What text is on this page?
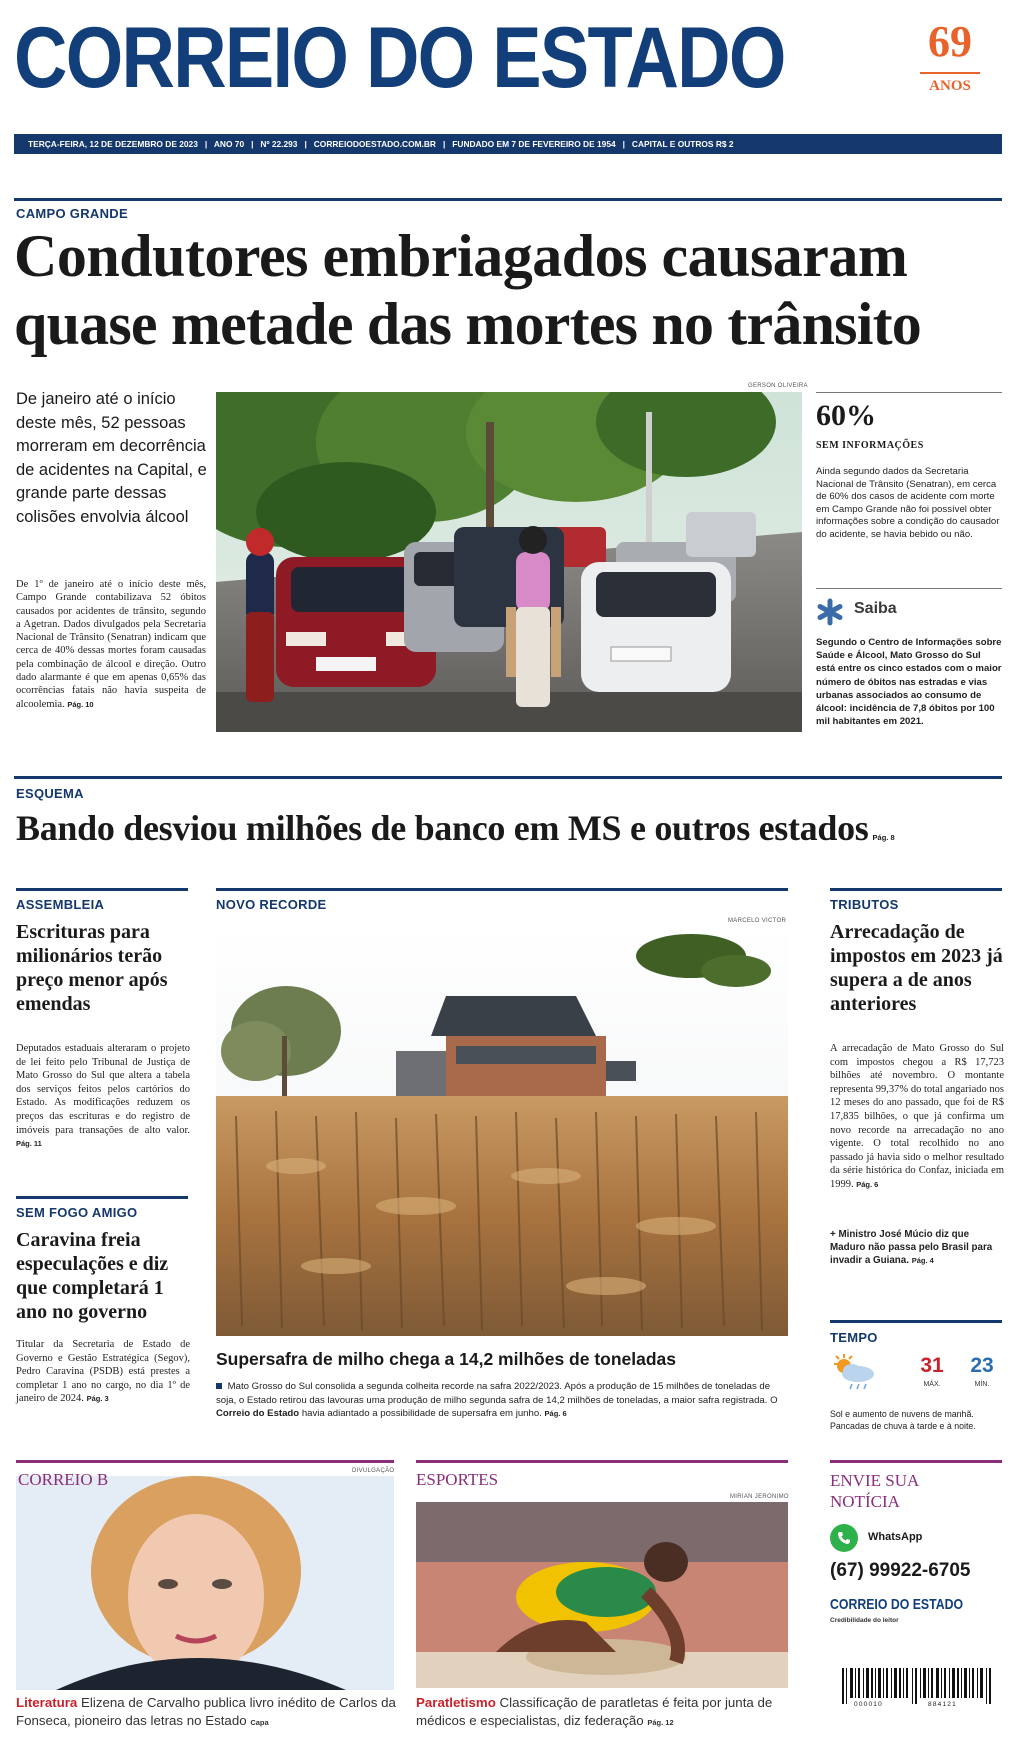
CORREIO DO ESTADO	69
ANOS
TERÇA-FEIRA, 12 DE DEZEMBRO DE 2023   |   ANO 70   |   Nº 22.293   |   CORREIODOESTADO.COM.BR   |   FUNDADO EM 7 DE FEVEREIRO DE 1954   |   CAPITAL E OUTROS R$ 2
CAMPO GRANDE
Condutores embriagados causaram
quase metade das mortes no trânsito
De janeiro até o início deste mês, 52 pessoas morreram em decorrência de acidentes na Capital, e grande parte dessas colisões envolvia álcool
De 1º de janeiro até o início deste mês, Campo Grande contabilizava 52 óbitos causados por acidentes de trânsito, segundo a Agetran. Dados divulgados pela Secretaria Nacional de Trânsito (Senatran) indicam que cerca de 40% dessas mortes foram causadas pela combinação de álcool e direção. Outro dado alarmante é que em apenas 0,65% das ocorrências fatais não havia suspeita de alcoolemia. Pág. 10
GERSON OLIVEIRA
60%
SEM INFORMAÇÕES
Ainda segundo dados da Secretaria Nacional de Trânsito (Senatran), em cerca de 60% dos casos de acidente com morte em Campo Grande não foi possível obter informações sobre a condição do causador do acidente, se havia bebido ou não.
Saiba
Segundo o Centro de Informações sobre Saúde e Álcool, Mato Grosso do Sul está entre os cinco estados com o maior número de óbitos nas estradas e vias urbanas associados ao consumo de álcool: incidência de 7,8 óbitos por 100 mil habitantes em 2021.
ESQUEMA
Bando desviou milhões de banco em MS e outros estados Pág. 8
ASSEMBLEIA
Escrituras para milionários terão preço menor após emendas
Deputados estaduais alteraram o projeto de lei feito pelo Tribunal de Justiça de Mato Grosso do Sul que altera a tabela dos serviços feitos pelos cartórios do Estado. As modificações reduzem os preços das escrituras e do registro de imóveis para transações de alto valor. Pág. 11
SEM FOGO AMIGO
Caravina freia especulações e diz que completará 1 ano no governo
Titular da Secretaria de Estado de Governo e Gestão Estratégica (Segov), Pedro Caravina (PSDB) está prestes a completar 1 ano no cargo, no dia 1º de janeiro de 2024. Pág. 3
NOVO RECORDE
MARCELO VICTOR
Supersafra de milho chega a 14,2 milhões de toneladas
Mato Grosso do Sul consolida a segunda colheita recorde na safra 2022/2023. Após a produção de 15 milhões de toneladas de soja, o Estado retirou das lavouras uma produção de milho segunda safra de 14,2 milhões de toneladas, a maior safra registrada. O Correio do Estado havia adiantado a possibilidade de supersafra em junho. Pág. 6
TRIBUTOS
Arrecadação de impostos em 2023 já supera a de anos anteriores
A arrecadação de Mato Grosso do Sul com impostos chegou a R$ 17,723 bilhões até novembro. O montante representa 99,37% do total angariado nos 12 meses do ano passado, que foi de R$ 17,835 bilhões, o que já confirma um novo recorde na arrecadação no ano vigente. O total recolhido no ano passado já havia sido o melhor resultado da série histórica do Confaz, iniciada em 1999. Pág. 6
+ Ministro José Múcio diz que Maduro não passa pelo Brasil para invadir a Guiana. Pág. 4
TEMPO
31
MÁX.
23
MÍN.
Sol e aumento de nuvens de manhã. Pancadas de chuva à tarde e à noite.
CORREIO B	DIVULGAÇÃO
Literatura Elizena de Carvalho publica livro inédito de Carlos da Fonseca, pioneiro das letras no Estado Capa
ESPORTES
MIRIAN JERONIMO
Paratletismo Classificação de paratletas é feita por junta de médicos e especialistas, diz federação Pág. 12
ENVIE SUA
NOTÍCIA
WhatsApp
(67) 99922-6705
CORREIO DO ESTADO
Credibilidade do leitor
000010	884121
